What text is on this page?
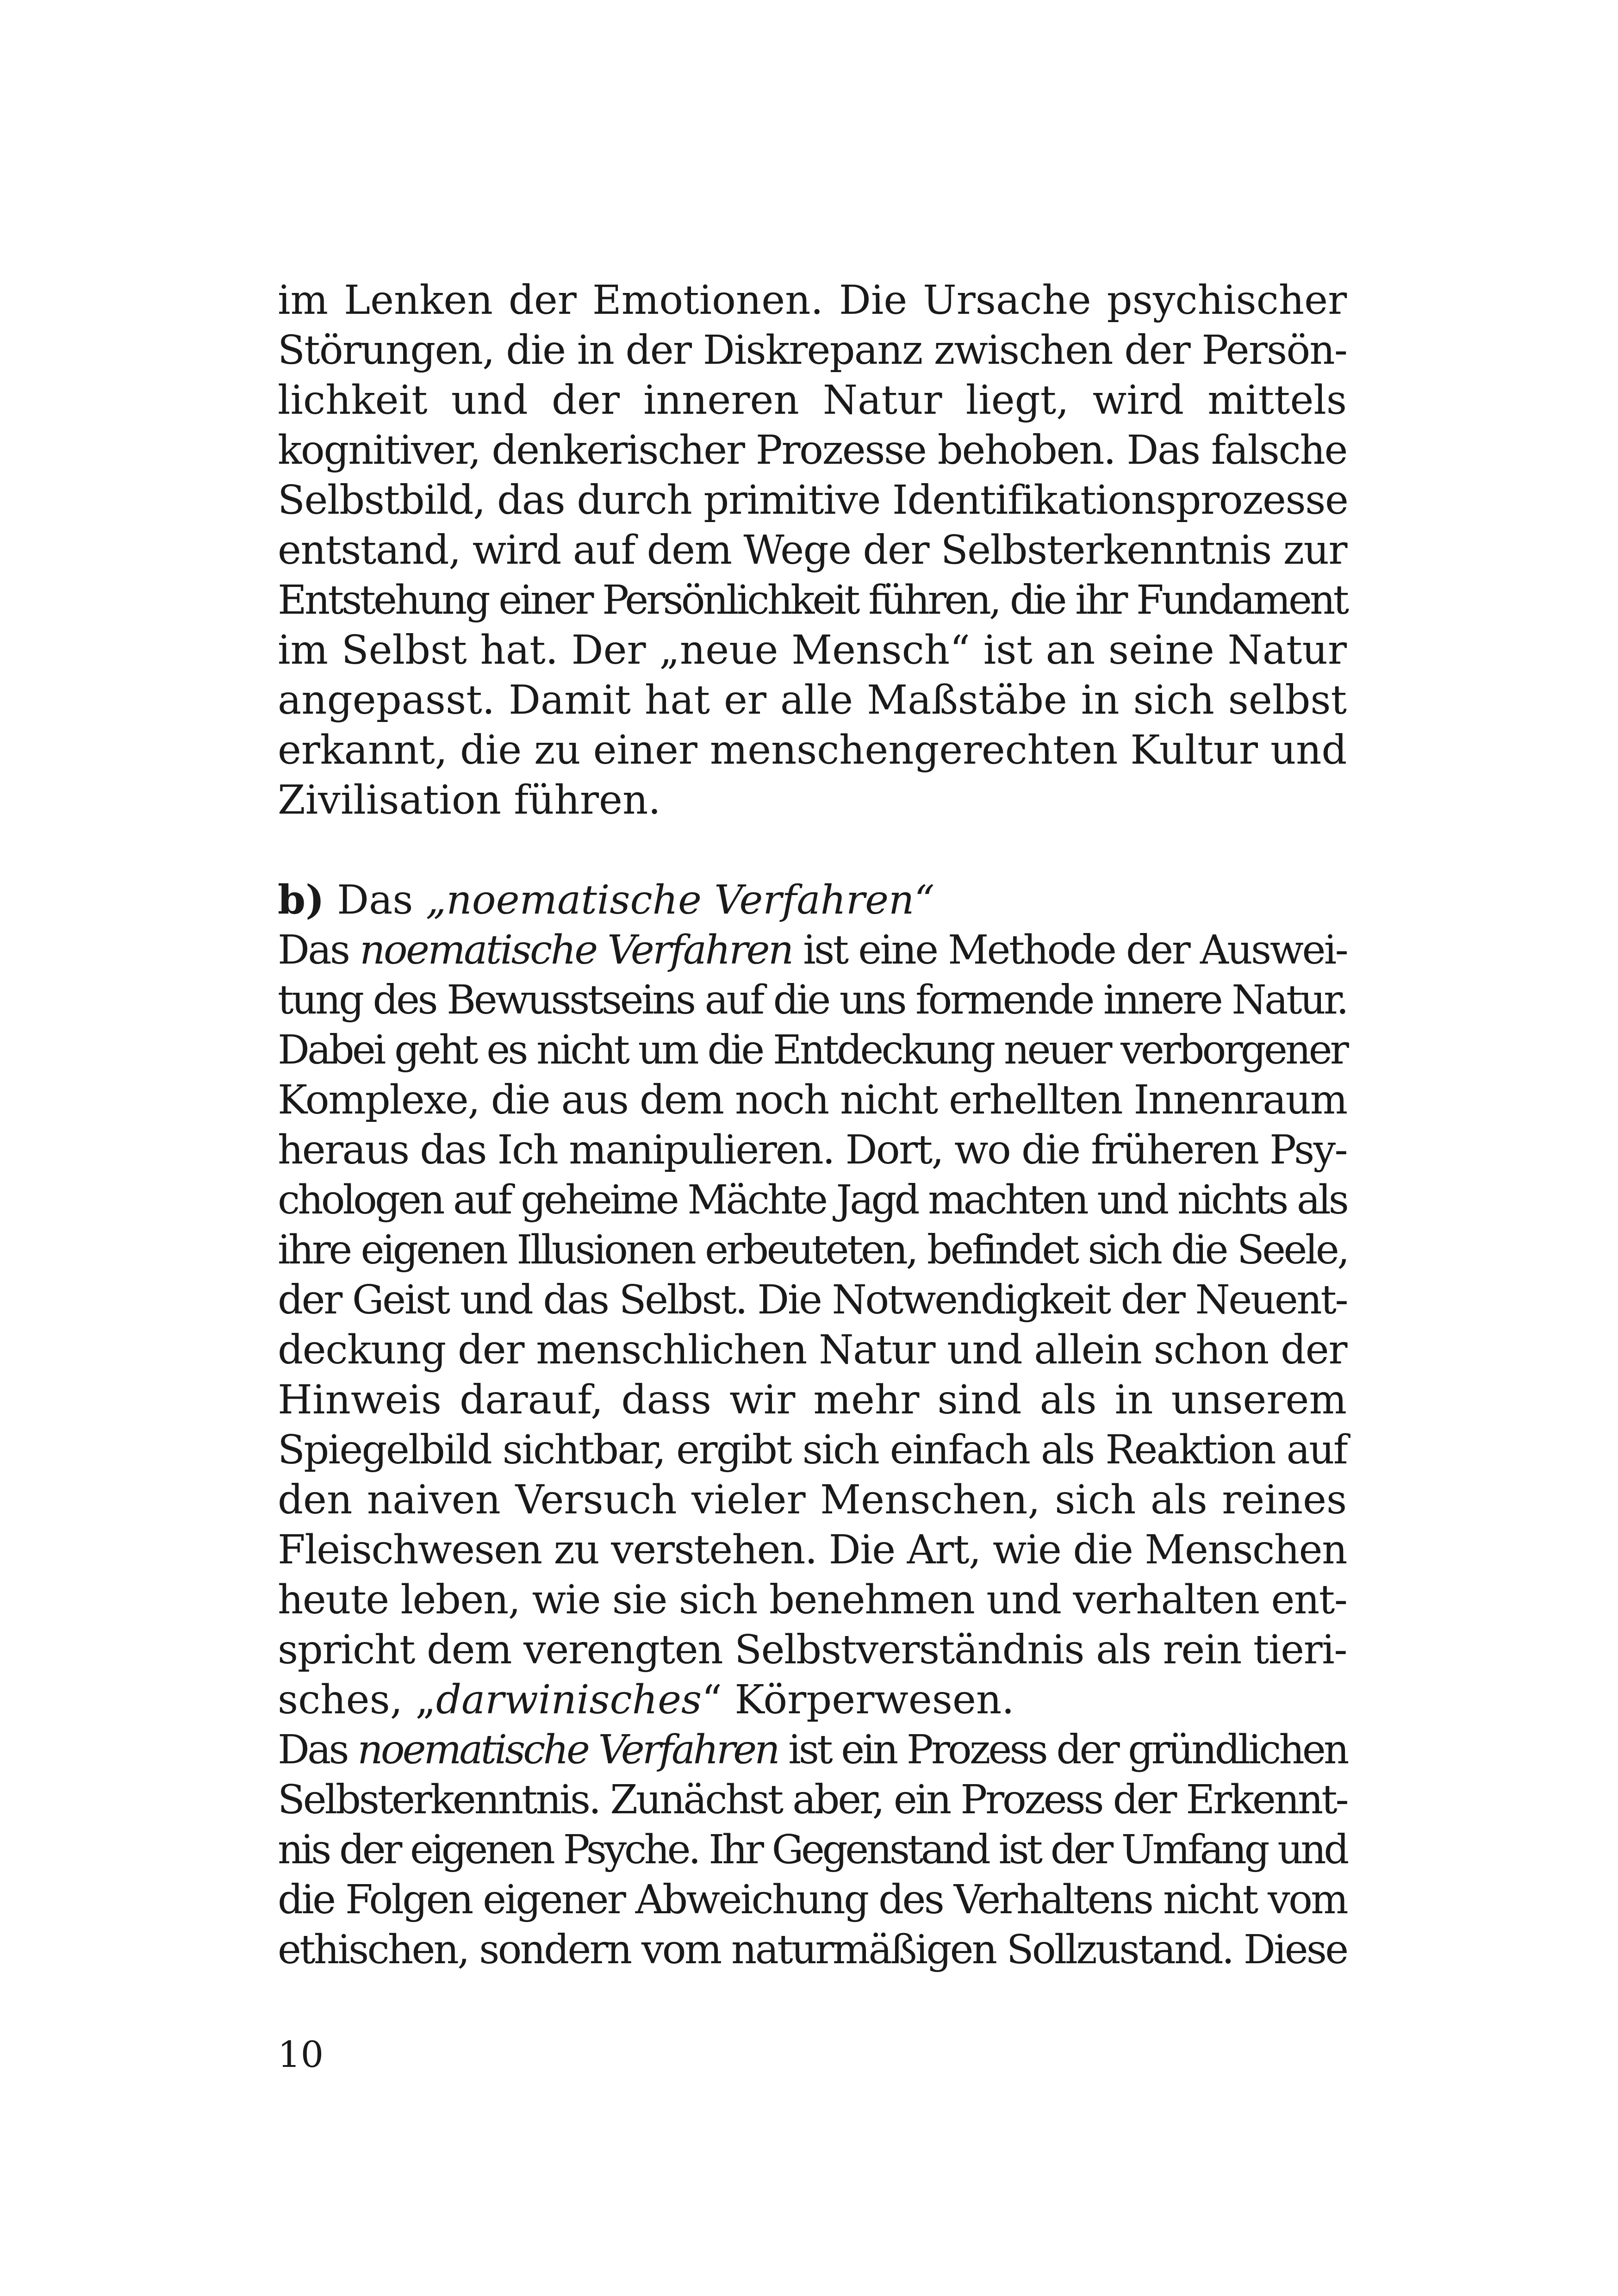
im Lenken der Emotionen. Die Ursache psychischer
Störungen, die in der Diskrepanz zwischen der Persön-
lichkeit und der inneren Natur liegt, wird mittels
kognitiver, denkerischer Prozesse behoben. Das falsche
Selbstbild, das durch primitive Identifikationsprozesse
entstand, wird auf dem Wege der Selbsterkenntnis zur
Entstehung einer Persönlichkeit führen, die ihr Fundament
im Selbst hat. Der „neue Mensch“ ist an seine Natur
angepasst. Damit hat er alle Maßstäbe in sich selbst
erkannt, die zu einer menschengerechten Kultur und
Zivilisation führen.
b) Das „noematische Verfahren“
Das noematische Verfahren ist eine Methode der Auswei-
tung des Bewusstseins auf die uns formende innere Natur.
Dabei geht es nicht um die Entdeckung neuer verborgener
Komplexe, die aus dem noch nicht erhellten Innenraum
heraus das Ich manipulieren. Dort, wo die früheren Psy-
chologen auf geheime Mächte Jagd machten und nichts als
ihre eigenen Illusionen erbeuteten, befindet sich die Seele,
der Geist und das Selbst. Die Notwendigkeit der Neuent-
deckung der menschlichen Natur und allein schon der
Hinweis darauf, dass wir mehr sind als in unserem
Spiegelbild sichtbar, ergibt sich einfach als Reaktion auf
den naiven Versuch vieler Menschen, sich als reines
Fleischwesen zu verstehen. Die Art, wie die Menschen
heute leben, wie sie sich benehmen und verhalten ent-
spricht dem verengten Selbstverständnis als rein tieri-
sches, „darwinisches“ Körperwesen.
Das noematische Verfahren ist ein Prozess der gründlichen
Selbsterkenntnis. Zunächst aber, ein Prozess der Erkennt-
nis der eigenen Psyche. Ihr Gegenstand ist der Umfang und
die Folgen eigener Abweichung des Verhaltens nicht vom
ethischen, sondern vom naturmäßigen Sollzustand. Diese
10
